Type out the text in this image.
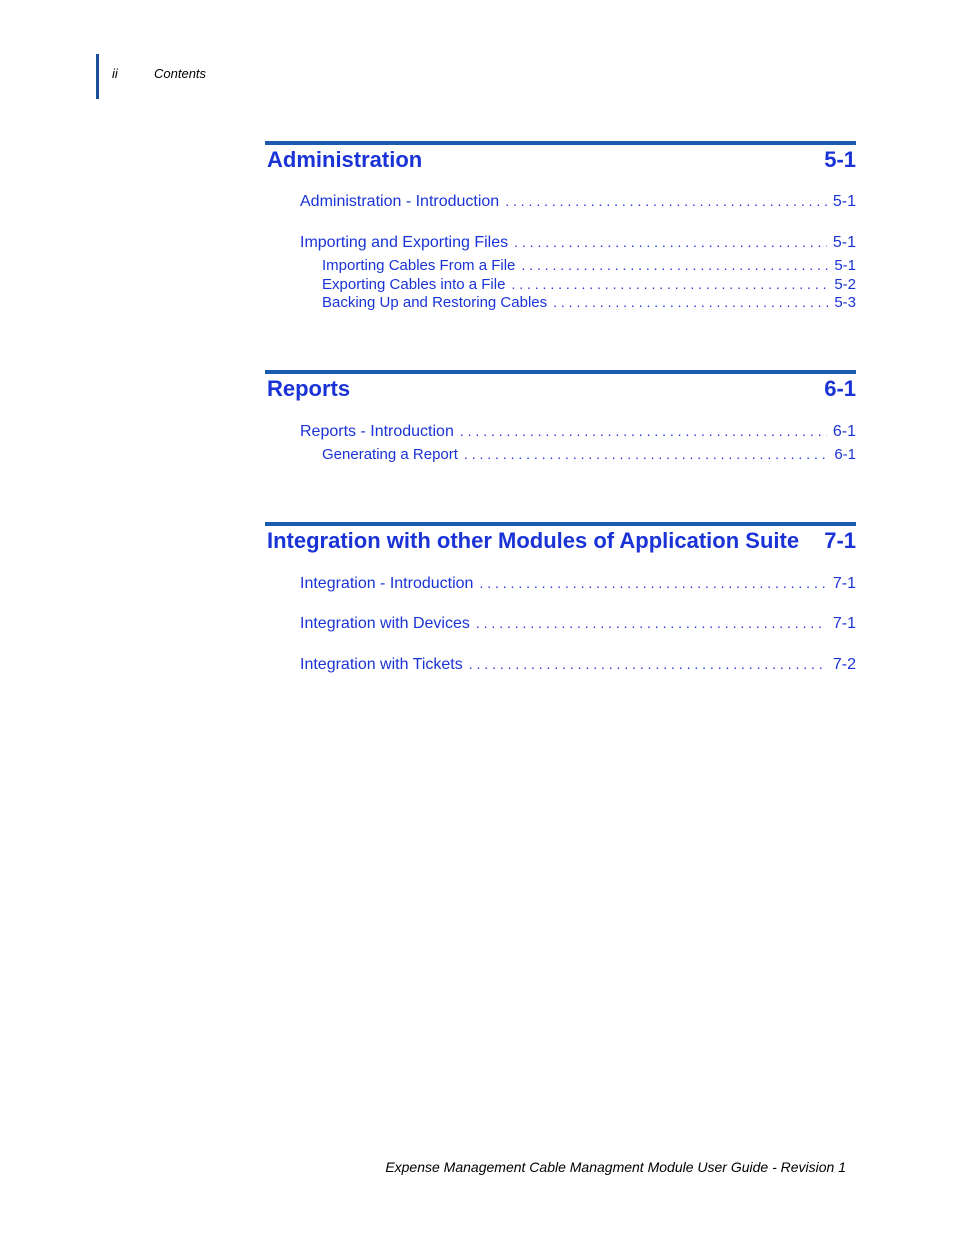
ii	Contents
Administration	5-1
Administration - Introduction . . .	5-1
Importing and Exporting Files . . .	5-1
Importing Cables From a File . . .	5-1
Exporting Cables into a File . . .	5-2
Backing Up and Restoring Cables . . .	5-3
Reports	6-1
Reports - Introduction . . .	6-1
Generating a Report . . .	6-1
Integration with other Modules of Application Suite 7-1
Integration - Introduction . . .	7-1
Integration with Devices . . .	7-1
Integration with Tickets . . .	7-2
Expense Management Cable Managment Module User Guide - Revision 1
